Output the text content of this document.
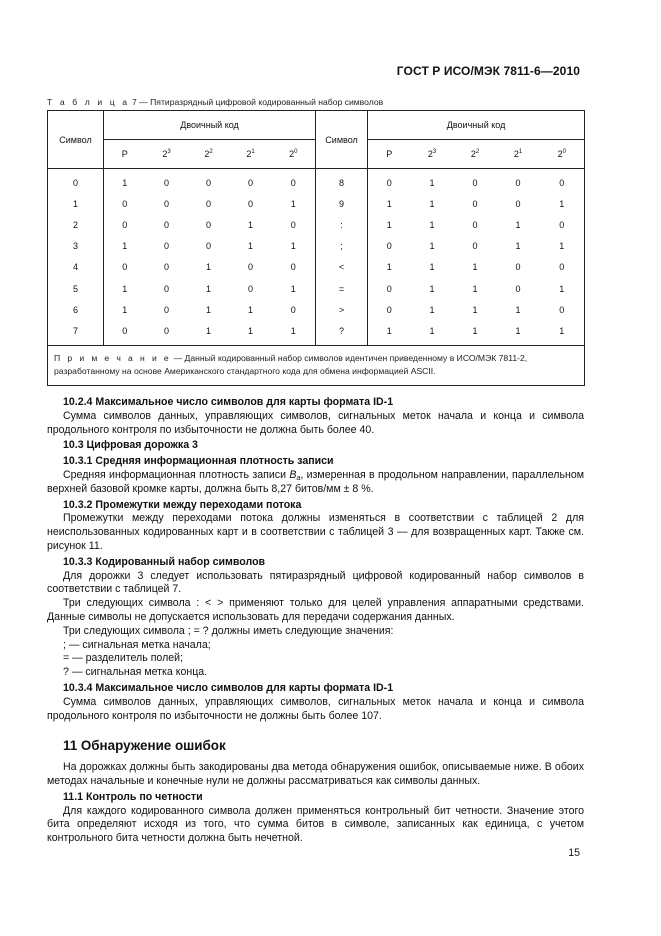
ГОСТ Р ИСО/МЭК 7811-6—2010
Т а б л и ц а 7 — Пятиразрядный цифровой кодированный набор символов
Символ	Двоичный код					Символ	Двоичный код				
	P	$2^3$	$2^2$	$2^1$	$2^0$		P	$2^3$	$2^2$	$2^1$	$2^0$
0	1	0	0	0	0	8	0	1	0	0	0
1	0	0	0	0	1	9	1	1	0	0	1
2	0	0	0	1	0	:	1	1	0	1	0
3	1	0	0	1	1	;	0	1	0	1	1
4	0	0	1	0	0	<	1	1	1	0	0
5	1	0	1	0	1	=	0	1	1	0	1
6	1	0	1	1	0	>	0	1	1	1	0
7	0	0	1	1	1	?	1	1	1	1	1
П р и м е ч а н и е — Данный кодированный набор символов идентичен приведенному в ИСО/МЭК 7811-2, разработанному на основе Американского стандартного кода для обмена информацией ASCII.											

10.2.4 Максимальное число символов для карты формата ID-1

Сумма символов данных, управляющих символов, сигнальных меток начала и конца и символа продольного контроля по избыточности не должна быть более 40.

10.3 Цифровая дорожка 3

10.3.1 Средняя информационная плотность записи

Средняя информационная плотность записи $B_a$, измеренная в продольном направлении, параллельном верхней базовой кромке карты, должна быть 8,27 битов/мм ± 8 %.

10.3.2 Промежутки между переходами потока

Промежутки между переходами потока должны изменяться в соответствии с таблицей 2 для неиспользованных кодированных карт и в соответствии с таблицей 3 — для возвращенных карт. Также см. рисунок 11.

10.3.3 Кодированный набор символов

Для дорожки 3 следует использовать пятиразрядный цифровой кодированный набор символов в соответствии с таблицей 7.

Три следующих символа : < > применяют только для целей управления аппаратными средствами. Данные символы не допускается использовать для передачи содержания данных.

Три следующих символа ; = ? должны иметь следующие значения:

; — сигнальная метка начала;

= — разделитель полей;

? — сигнальная метка конца.

10.3.4 Максимальное число символов для карты формата ID-1

Сумма символов данных, управляющих символов, сигнальных меток начала и конца и символа продольного контроля по избыточности не должны быть более 107.

11 Обнаружение ошибок

На дорожках должны быть закодированы два метода обнаружения ошибок, описываемые ниже. В обоих методах начальные и конечные нули не должны рассматриваться как символы данных.

11.1 Контроль по четности

Для каждого кодированного символа должен применяться контрольный бит четности. Значение этого бита определяют исходя из того, что сумма битов в символе, записанных как единица, с учетом контрольного бита четности должна быть нечетной.

15
